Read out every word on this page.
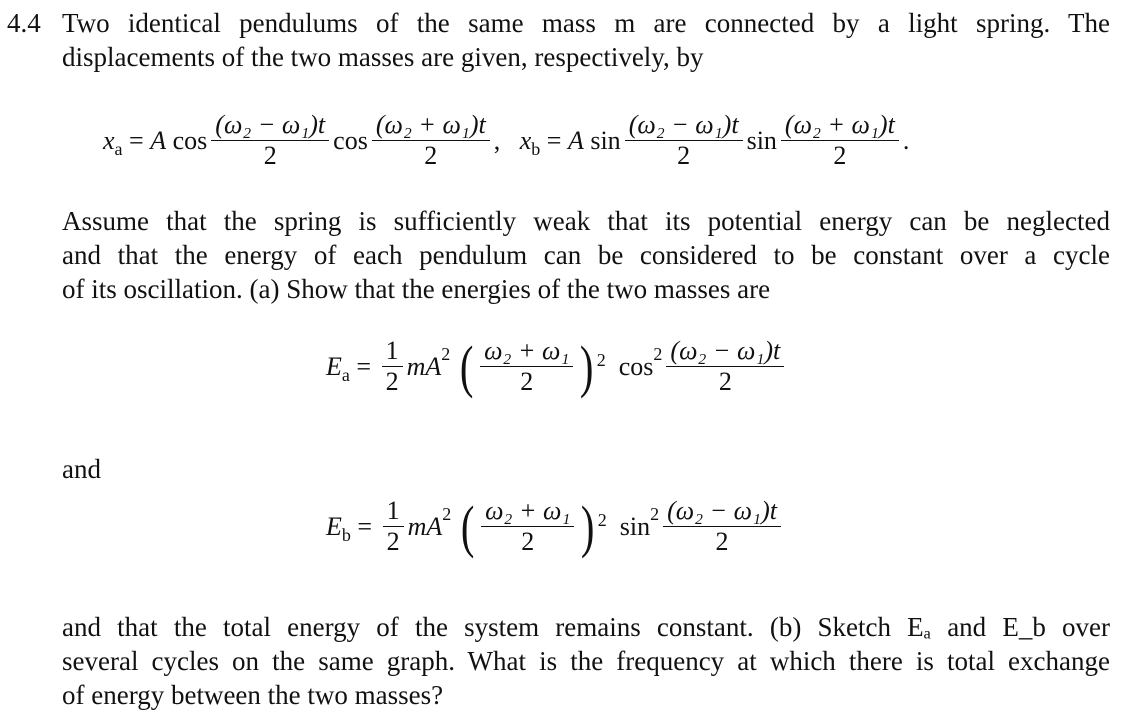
4.4 Two identical pendulums of the same mass m are connected by a light spring. The
displacements of the two masses are given, respectively, by
$x_a$
=
A
$\cos \frac{\text{(ω₂ − ω₁)t}}{2}$ $\cos \frac{\text{(ω₂ + ω₁)t}}{2}$ ,
$x_b$
=
A
$\sin \frac{\text{(ω₂ − ω₁)t}}{2}$ $\sin \frac{\text{(ω₂ + ω₁)t}}{2}$ .
Assume that the spring is sufficiently weak that its potential energy can be neglected
and that the energy of each pendulum can be considered to be constant over a cycle
of its oscillation. (a) Show that the energies of the two masses are
$E_a$
=
$\frac{1}{2}$ mA 2
( $\frac{\text{ω₂ + ω₁}}{2}$ ) 2
$\cos 2 \frac{\text{(ω₂ − ω₁)t}}{2}$
and
$E_b$
=
$\frac{1}{2}$ mA 2
( $\frac{\text{ω₂ + ω₁}}{2}$ ) 2
$\sin 2 \frac{\text{(ω₂ − ω₁)t}}{2}$
and that the total energy of the system remains constant. (b) Sketch Eₐ and E_b over
several cycles on the same graph. What is the frequency at which there is total exchange
of energy between the two masses?
